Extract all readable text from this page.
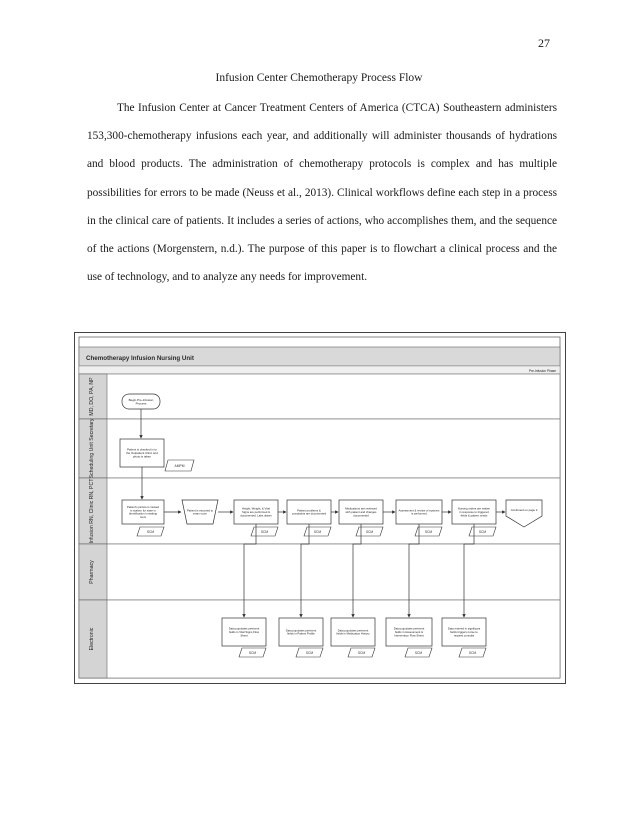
27
Infusion Center Chemotherapy Process Flow

The Infusion Center at Cancer Treatment Centers of America (CTCA) Southeastern administers 153,300-chemotherapy infusions each year, and additionally will administer thousands of hydrations and blood products. The administration of chemotherapy protocols is complex and has multiple possibilities for errors to be made (Neuss et al., 2013). Clinical workflows define each step in a process in the clinical care of patients. It includes a series of actions, who accomplishes them, and the sequence of the actions (Morgenstern, n.d.). The purpose of this paper is to flowchart a clinical process and the use of technology, and to analyze any needs for improvement.

Chemotherapy Infusion Nursing Unit
Pre-Infusion Phase
MD, DO, PA, NP
Scheduling Unit Secretary
Infusion RN, Clinic RN, PCT
Pharmacy
Electronic
Begin Pre-Infusion Process
Patient is checked in to the Outpatient Clinic and photo is taken
AMPM
Patient's picture is viewed in system for ease in identification in waiting room
SCM
Patient is escorted to exam room
Height, Weight, & Vital Signs are performed & documented. Labs drawn
SCM
Patient problems & complaints are documented
SCM
Medications are reviewed with patient and changes documented
SCM
Assessment & review of systems is performed
SCM
Nursing orders are written in response to triggered fields & patient needs
SCM
Continued on page 2
Data populates pertinent fields in Vital Signs Flow Sheet
SCM
Data populates pertinent fields in Patient Profile
SCM
Data populates pertinent fields in Medication History
SCM
Data populates pertinent fields in Assessment & Intervention Flow Sheet
SCM
Data entered in significant fields triggers nurse to request consults
SCM
